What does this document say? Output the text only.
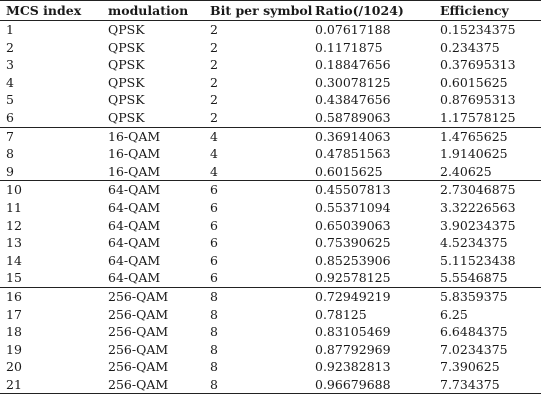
MCS index	modulation	Bit per symbol	Ratio(/1024)	Efficiency
1	QPSK	2	0.07617188	0.15234375
2	QPSK	2	0.1171875	0.234375
3	QPSK	2	0.18847656	0.37695313
4	QPSK	2	0.30078125	0.6015625
5	QPSK	2	0.43847656	0.87695313
6	QPSK	2	0.58789063	1.17578125
7	16-QAM	4	0.36914063	1.4765625
8	16-QAM	4	0.47851563	1.9140625
9	16-QAM	4	0.6015625	2.40625
10	64-QAM	6	0.45507813	2.73046875
11	64-QAM	6	0.55371094	3.32226563
12	64-QAM	6	0.65039063	3.90234375
13	64-QAM	6	0.75390625	4.5234375
14	64-QAM	6	0.85253906	5.11523438
15	64-QAM	6	0.92578125	5.5546875
16	256-QAM	8	0.72949219	5.8359375
17	256-QAM	8	0.78125	6.25
18	256-QAM	8	0.83105469	6.6484375
19	256-QAM	8	0.87792969	7.0234375
20	256-QAM	8	0.92382813	7.390625
21	256-QAM	8	0.96679688	7.734375
